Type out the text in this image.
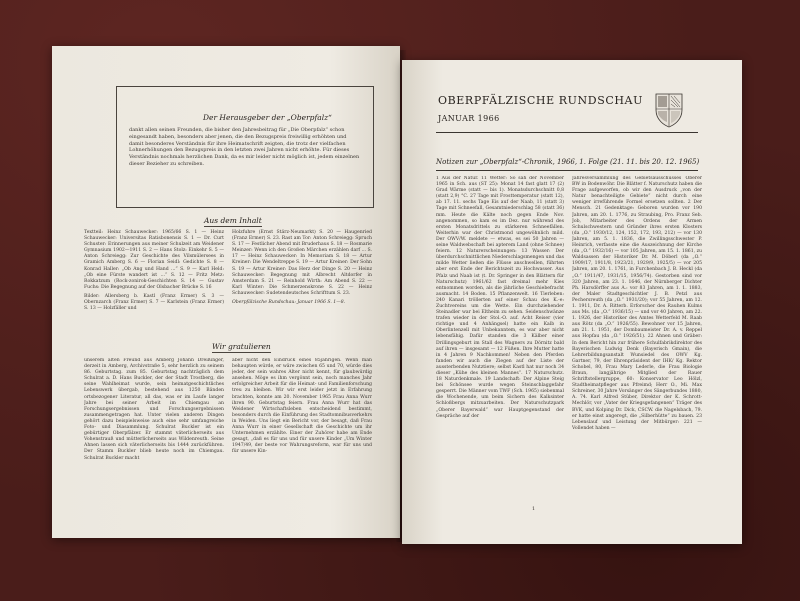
Der Herausgeber der „Oberpfalz“
dankt allen seinen Freunden, die bisher den Jahresbeitrag für „Die Oberpfalz“ schon eingesandt haben, besonders aber jenen, die den Bezugspreis freiwillig erhöhten und damit besonderes Verständnis für ihre Heimatschrift zeigten, die trotz der vielfachen Lohnerhöhungen den Bezugspreis in den letzten zwei Jahren nicht erhöhte. Für dieses Verständnis nochmals herzlichen Dank, da es mir leider nicht möglich ist, jedem einzelnen dieser Bezieher zu schreiben.
Aus dem Inhalt

Textteil: Heinz Schauwecker: 1965/66 S. 1 — Heinz Schauwecker: Universitas Ratisbonensis S. 1 — Dr. Curt Schuster: Erinnerungen aus meiner Schulzeit am Weidener Gymnasium 1902—1911 S. 2 — Hans Stolz: Einkehr S. 5 — Anton Schreiegg: Zur Geschichte des Vilsmülersees in Gramich Amberg S. 6 — Florian Seidl: Gedichte S. 8 — Konrad Haller: „Ob Ang und Hand ...“ S. 9 — Karl Held: „Ob eine Fürste wandert ist ...“ S. 12 — Fritz Metz: Rokkatzum (Rock-zonirok-Geschichten S. 14 — Gustav Fuchs: Die Begegnung auf der Olsbacher Brücke S. 16

Bilder: Allersberg b. Kastl (Franz Ermer) S. 3 — Obernzarch (Franz Ermer) S. 7 — Karlstein (Franz Ermer) S. 13 — Holzfäller und

Holzfuhre (Ernst Stärz-Neumarkt) S. 20 — Haugenried (Franz Ermer) S. 23. Rast am Tor: Anton Schreiegg: Spruch S. 17 — Festlicher Abend mit Bruderhaus S. 18 — Rosmarie Meinzer: Wenn ich den Großen Märchen erzählen darf ... S. 17 — Heinz Schauwecker: In Memoriam S. 18 — Artur Kreiner: Die Wendeltreppe S. 19 — Artur Kreiner: Der Sohn S. 19 — Artur Kreiner: Das Herz der Dinge S. 20 — Heinz Schauwecker: Begegnung mit Albrecht Altdorfer in Amsterdam S. 21 — Reinhold Wirth: Am Abend S. 22 — Karl Winter: Die Schmerzenskrone S. 22 — Heinz Schauwecker: Sudetendeutsches Schrifttum S. 23.

Oberpfälzische Rundschau: Januar 1966 S. 1—8.

Wir gratulieren

unserem alten Freund aus Amberg Johann Dreißinger, derzeit in Amberg, Archivstraße 5, sehr herzlich zu seinem 86. Geburtstag. zum 85. Geburtstag nachträglich dem Schulrat a. D. Hans Buckler, der der Stadt Trostberg, die seine Wahlheimat wurde, sein heimatgeschichtliches Lebenswerk übergab, bestehend aus 1250 Bänden ortsbezogener Literatur, all das, was er im Laufe langer Jahre bei seiner Arbeit im Chiemgau an Forschungsergebnissen und Forschungsergebnissen zusammengetragen hat. Unter vielen anderen Dingen gehört dazu beispielsweise auch eine sehr umfangreiche Foto- und Diasammlung. Schulrat Buckler ist ein gebürtiger Oberpfälzer. Er stammt väterlicherseits aus Vohenstrauß und mütterlicherseits aus Wildenreuth. Seine Ahnen lassen sich väterlicherseits bis 1444 zurückführen. Der Stamm Buckler blieb heute noch im Chiemgau. Schulrat Buckler macht

aber nicht den Eindruck eines 85jährigen. Wenn man behaupten würde, er wäre zwischen 65 und 70, würde dies jeder, der sein wahres Alter nicht kennt, für glaubwürdig ansehen. Möge es ihm vergönnt sein, noch manches Jahr erfolgreicher Arbeit für die Heimat- und Familienforschung treu zu bleiben. Wir wir erst leider jetzt in Erfahrung brachten, konnte am 20. November 1965 Frau Anna Wurr ihren 90. Geburtstag feiern. Frau Anna Wurr hat das Weidener Wirtschaftsleben entscheidend bestimmt, besonders durch die Einführung des Stadtomnibusverkehrs in Weiden. Uns liegt ein Bericht vor, der besagt, daß Frau Anna Wurr in einer Gesellschaft die Geschichte um ihr Unternehmen erzählte. Einer der Zuhörer habe am Ende gesagt, „daß es für uns und für unsere Kinder „Um Winter 1947/49, der beste vor Wahrungsreform, war für uns und für unsere Kin-

OBERPFÄLZISCHE RUNDSCHAU
JANUAR 1966
Notizen zur „Oberpfalz“-Chronik, 1966, 1. Folge (21. 11. bis 20. 12. 1965)

1 Aus der Natur. 11 Wetter: So sah der November 1965 in Sch. aus (ST 25): Monat 14 fast glatt 17 (2) Grad Wärme (statt — bis 1). Monatsdurchschnitt 0,8 (statt 2,9) °C. 27 Tage mit Frosttemperatur (statt 12), ab 17. 11. sechs Tage Eis auf der Naab, 11 (statt 3) Tage mit Schneefall, Gesamtniederschlag 58 (statt 36) mm. Heute die Kälte noch gegen Ende Nov. angenommen, so kam es im Dez. nur während des ersten Monatsdrittels zu stärkeren Schneefällen. Weiterhin war der Christmond ungewöhnlich mild. Der OWV/W. meldete — etwas, es sei 50 Jahren — seine Waldwebschaft bei apterem Land (ohne Schnee) feiern. 12 Naturerscheinungen: 13 Wasser: Der überdurchschnittlichen Niederschlagsmengen und das milde Wetter ließen die Flüsse anschwellen, führten aber erst Ende der Berichtszeit zu Hochwasser. Aus Pfalz und Naab ist (t. Dr. Springer in den Blättern für Naturschutz) 1961/62 fast dreimal mehr Kies entnommen worden, als die jährliche Geschiebefracht ausmacht. 14 Boden. 15 Pflanzenwelt. 16 Tierleben: 240 Kanari tröllerten auf einer Schau des K.-e: Zuchtvereins um die Wette. Ein durchziehender Steinadler war bei Eltheim zu sehen. Seidenschwänze trafen wieder in der Stol.-O. auf. Acht Reiser (vier richtige und 4 Anhängsel) hatte ein Kalb in Oberlintenzell mit Unbekanntem, es war aber nicht lebensfähig. Dafür standen die 3 Kälber einer Drillingsgeburt im Stall des Wagners zu Dörnitz bald auf ihren — insgesamt — 12 Füßen. Ihre Mutter hatte in 4 Jahren 9 Nachkommen! Neben den Pferden fanden wir auch die Ziegen auf der Liste der aussterbenden Nutztiere; selbst Kastl hat nur noch 34 dieser „Kühe des kleinen Mannes“. 17 Naturschutz. 18 Naturdenkmale. 19 Landschaft: Der Alpine Steig bei Schönsee wurde wegen Steinschlaggefahr gesperrt. Die Männer vom TWF (Sch. 1965) siebenmal die Wochenende, um beim Sichern des Kalksinter Schloßbergs mitzuarbeiten. Der Naturschutzpark „Oberer Bayerwald“ war Hauptgegenstand der Gespräche auf der

Jahresversammlung des Gebietsausschusses Oberer BW in Bodenwöhr. Die Blätter f. Naturschutz haben die Frage aufgeworfen, ob wir den Ausdruck „von der Natur benachteiligte Gebiete“ nicht durch eine weniger irreführende Formel ersetzen sollten. 2 Der Mensch. 21 Gedenktage: Geboren wurden vor 190 Jahren, am 20. 1. 1776, zu Straubing, Pro. Franz Seb. Job, Mitarbeiter des Ordens der Armen Schulschwestern und Gründer ihres ersten Klosters (da „O.“ 1930/12, 124, 152, 172, 193, 212) — vor 130 Jahren, am 5. 1. 1836, die Zwillingsschwester P. Heinrich, verfasste eine die Auszeichnung der Kirche (da „O.“ 1932/16) — vor 105 Jahren, am 15. 1. 1861, zu Waldsassen der Historiker Dr. M. Döberl (da „O.“ 1909/17, 1911/8, 1923/21, 1929/9, 1925/5) — vor 205 Jahren, am 20. 1. 1761, in Furchenbach J. B. Heckl (da „O.“ 1911/47, 1931/15, 1956/74). Gestorben sind vor 320 Jahren, am 23. 1. 1646, der Nürnberger Dichter Ph. Harsdörffer aus A.: vor 83 Jahren, am 1. 1. 1883, der Maler Stadtgeschichtler J. B. Petzl aus Pechersreuth (da „O.“ 1931/20); vor 55 Jahren, am 12. 1. 1911, Dr. A. Ritterb. Erforscher des Rauhen Kulms aus Ms. (da „O.“ 1936/15) — und vor 40 Jahren, am 22. 1. 1926, der Historiker des Amtes Wetterfeld M. Raab aus Rötz (da „O.“ 1926/55). Bewohner vor 15 Jahren, am 21. 1. 1951, der Dombaumeister Dr. A. v. Reppel aus Hopfau (da „O.“ 1926/51). 22 Ahnen und Gräber: In dem Bericht hin zur frühere Schulfabrikdirektor des Bayerischen Ludwig Denk (Bayerisch Gmain), die Lehrerbildungsanstalt Wunsiedel des OWV Kg. Gartner, 79, der Ehrenpräsident der IHK/ Kg. Rektor Schobel, 80, Frau Mary Lederle, die Frau Biologie Braun, langjährige Mitglied der Rauer Schriftstellergruppe, 60: Konservator Leo Hölzl, Stadtheimatpfleger aus Pfreimd; Herr O., Mi. Max Schreiner, 30 Jahre Vorsänger des Sängerbundes 1880, A. 74. Karl Alfred Stüber, Direktor der K. Schrott-Mechlör, vor „Vater der Kriegsgefangenen“ Träger des BVK, und Kolping Dr. Dick, CSCW. die Nagelsbach, 79. er hatte einst angeregt, die „Silberhütte“ zu bauen. 23 Lebenslauf und Leistung der Mitbürger: 221 — Vollendet haben —

1
